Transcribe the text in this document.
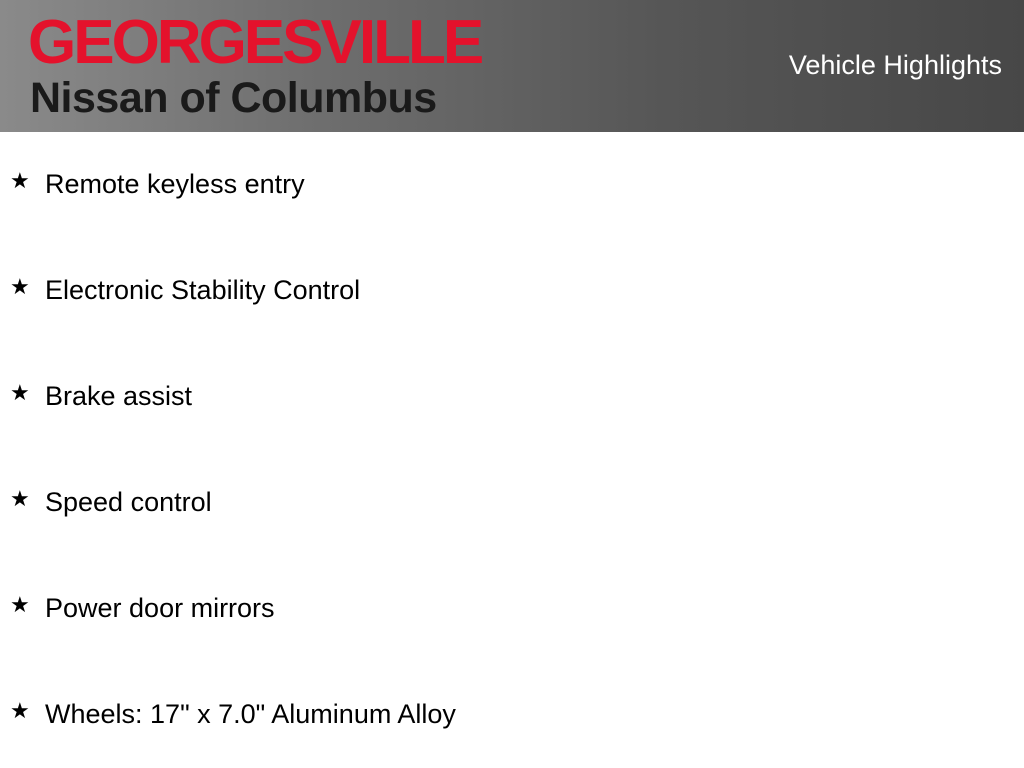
GEORGESVILLE
Nissan of Columbus
Vehicle Highlights
★ Remote keyless entry
★ Electronic Stability Control
★ Brake assist
★ Speed control
★ Power door mirrors
★ Wheels: 17" x 7.0" Aluminum Alloy
